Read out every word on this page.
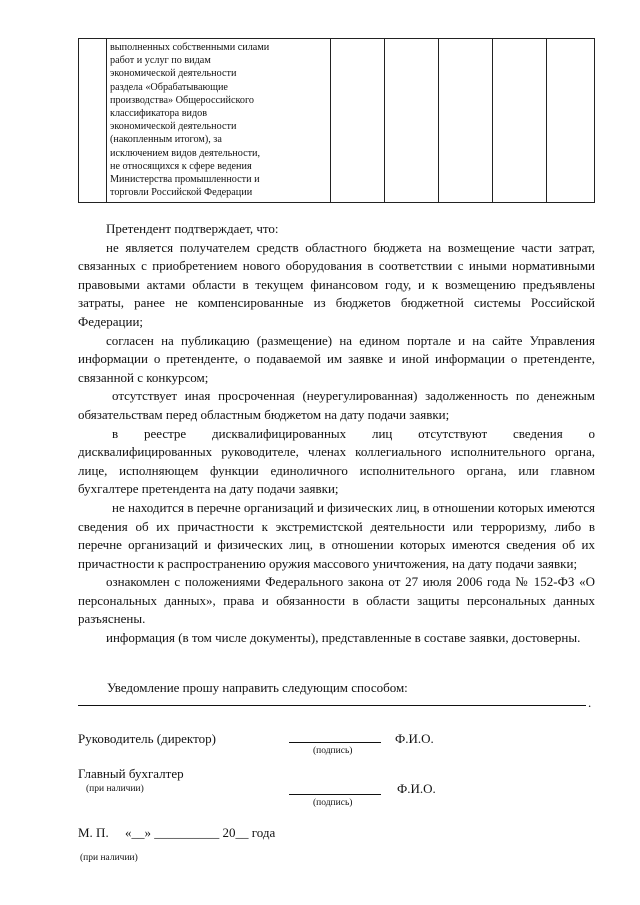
выполненных собственными силами
работ и услуг по видам
экономической деятельности
раздела «Обрабатывающие
производства» Общероссийского
классификатора видов
экономической деятельности
(накопленным итогом), за
исключением видов деятельности,
не относящихся к сфере ведения
Министерства промышленности и
торговли Российской Федерации

Претендент подтверждает, что:

не является получателем средств областного бюджета на возмещение части затрат, связанных с приобретением нового оборудования в соответствии с иными нормативными правовыми актами области в текущем финансовом году, и к возмещению предъявлены затраты, ранее не компенсированные из бюджетов бюджетной системы Российской Федерации;

согласен на публикацию (размещение) на едином портале и на сайте Управления информации о претенденте, о подаваемой им заявке и иной информации о претенденте, связанной с конкурсом;

отсутствует иная просроченная (неурегулированная) задолженность по денежным обязательствам перед областным бюджетом на дату подачи заявки;

в реестре дисквалифицированных лиц отсутствуют сведения о дисквалифицированных руководителе, членах коллегиального исполнительного органа, лице, исполняющем функции единоличного исполнительного органа, или главном бухгалтере претендента на дату подачи заявки;

не находится в перечне организаций и физических лиц, в отношении которых имеются сведения об их причастности к экстремистской деятельности или терроризму, либо в перечне организаций и физических лиц, в отношении которых имеются сведения об их причастности к распространению оружия массового уничтожения, на дату подачи заявки;

ознакомлен с положениями Федерального закона от 27 июля 2006 года № 152-ФЗ «О персональных данных», права и обязанности в области защиты персональных данных разъяснены.

информация (в том числе документы), представленные в составе заявки, достоверны.

Уведомление прошу направить следующим способом:
.
Руководитель (директор)
(подпись)
Ф.И.О.
Главный бухгалтер
(при наличии)
(подпись)
Ф.И.О.
М. П.     «__» __________ 20__ года
(при наличии)
